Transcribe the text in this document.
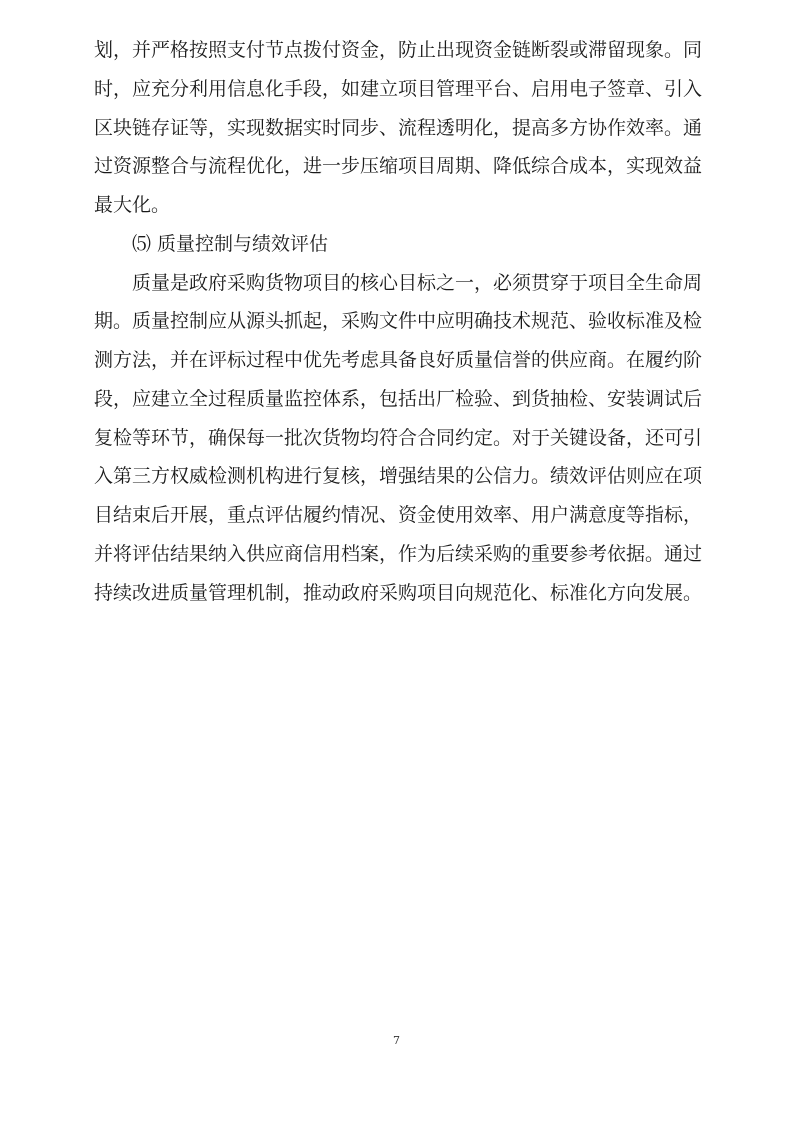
划，并严格按照支付节点拨付资金，防止出现资金链断裂或滞留现象。同
时，应充分利用信息化手段，如建立项目管理平台、启用电子签章、引入
区块链存证等，实现数据实时同步、流程透明化，提高多方协作效率。通
过资源整合与流程优化，进一步压缩项目周期、降低综合成本，实现效益
最大化。
⑸ 质量控制与绩效评估
质量是政府采购货物项目的核心目标之一，必须贯穿于项目全生命周
期。质量控制应从源头抓起，采购文件中应明确技术规范、验收标准及检
测方法，并在评标过程中优先考虑具备良好质量信誉的供应商。在履约阶
段，应建立全过程质量监控体系，包括出厂检验、到货抽检、安装调试后
复检等环节，确保每一批次货物均符合合同约定。对于关键设备，还可引
入第三方权威检测机构进行复核，增强结果的公信力。绩效评估则应在项
目结束后开展，重点评估履约情况、资金使用效率、用户满意度等指标，
并将评估结果纳入供应商信用档案，作为后续采购的重要参考依据。通过
持续改进质量管理机制，推动政府采购项目向规范化、标准化方向发展。
7
